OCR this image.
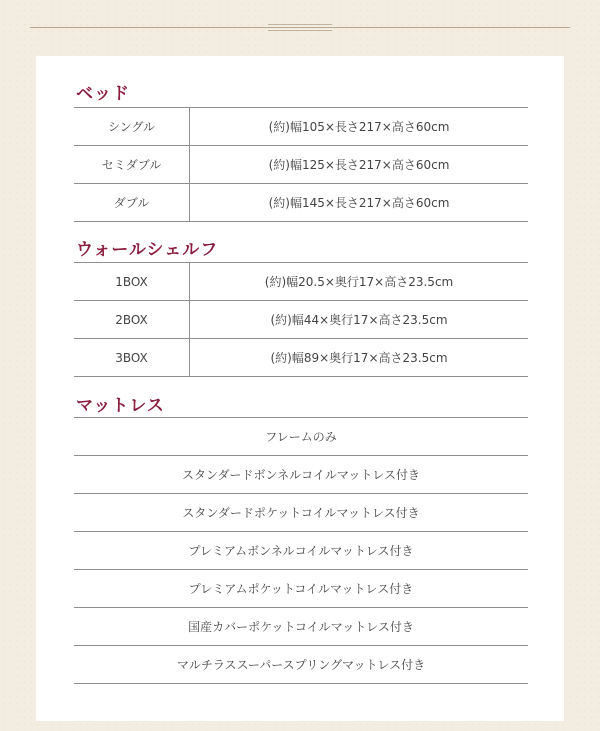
ベッド
シングル	(約)幅105×長さ217×高さ60cm
セミダブル	(約)幅125×長さ217×高さ60cm
ダブル	(約)幅145×長さ217×高さ60cm
ウォールシェルフ
1BOX	(約)幅20.5×奥行17×高さ23.5cm
2BOX	(約)幅44×奥行17×高さ23.5cm
3BOX	(約)幅89×奥行17×高さ23.5cm
マットレス
フレームのみ
スタンダードボンネルコイルマットレス付き
スタンダードポケットコイルマットレス付き
プレミアムボンネルコイルマットレス付き
プレミアムポケットコイルマットレス付き
国産カバーポケットコイルマットレス付き
マルチラススーパースプリングマットレス付き
